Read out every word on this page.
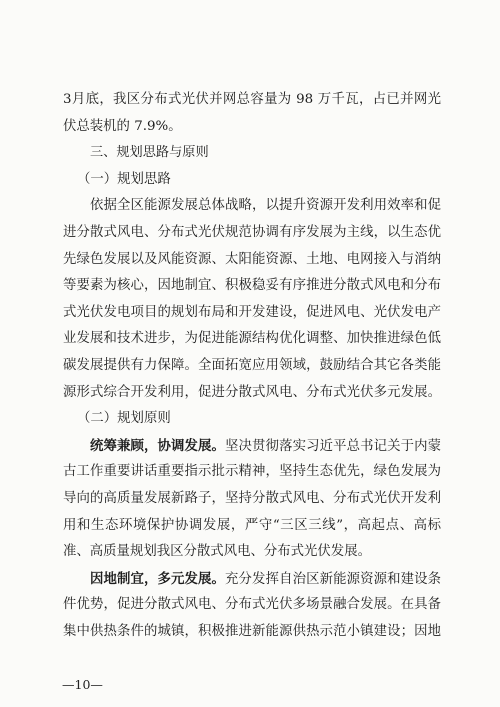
3月底，我区分布式光伏并网总容量为 98 万千瓦，占已并网光
伏总装机的 7.9%。
三、规划思路与原则
（一）规划思路
依据全区能源发展总体战略，以提升资源开发利用效率和促
进分散式风电、分布式光伏规范协调有序发展为主线，以生态优
先绿色发展以及风能资源、太阳能资源、土地、电网接入与消纳
等要素为核心，因地制宜、积极稳妥有序推进分散式风电和分布
式光伏发电项目的规划布局和开发建设，促进风电、光伏发电产
业发展和技术进步，为促进能源结构优化调整、加快推进绿色低
碳发展提供有力保障。全面拓宽应用领域，鼓励结合其它各类能
源形式综合开发利用，促进分散式风电、分布式光伏多元发展。
（二）规划原则
统筹兼顾，协调发展。坚决贯彻落实习近平总书记关于内蒙
古工作重要讲话重要指示批示精神，坚持生态优先，绿色发展为
导向的高质量发展新路子，坚持分散式风电、分布式光伏开发利
用和生态环境保护协调发展，严守“三区三线”，高起点、高标
准、高质量规划我区分散式风电、分布式光伏发展。
因地制宜，多元发展。充分发挥自治区新能源资源和建设条
件优势，促进分散式风电、分布式光伏多场景融合发展。在具备
集中供热条件的城镇，积极推进新能源供热示范小镇建设；因地
—10—
